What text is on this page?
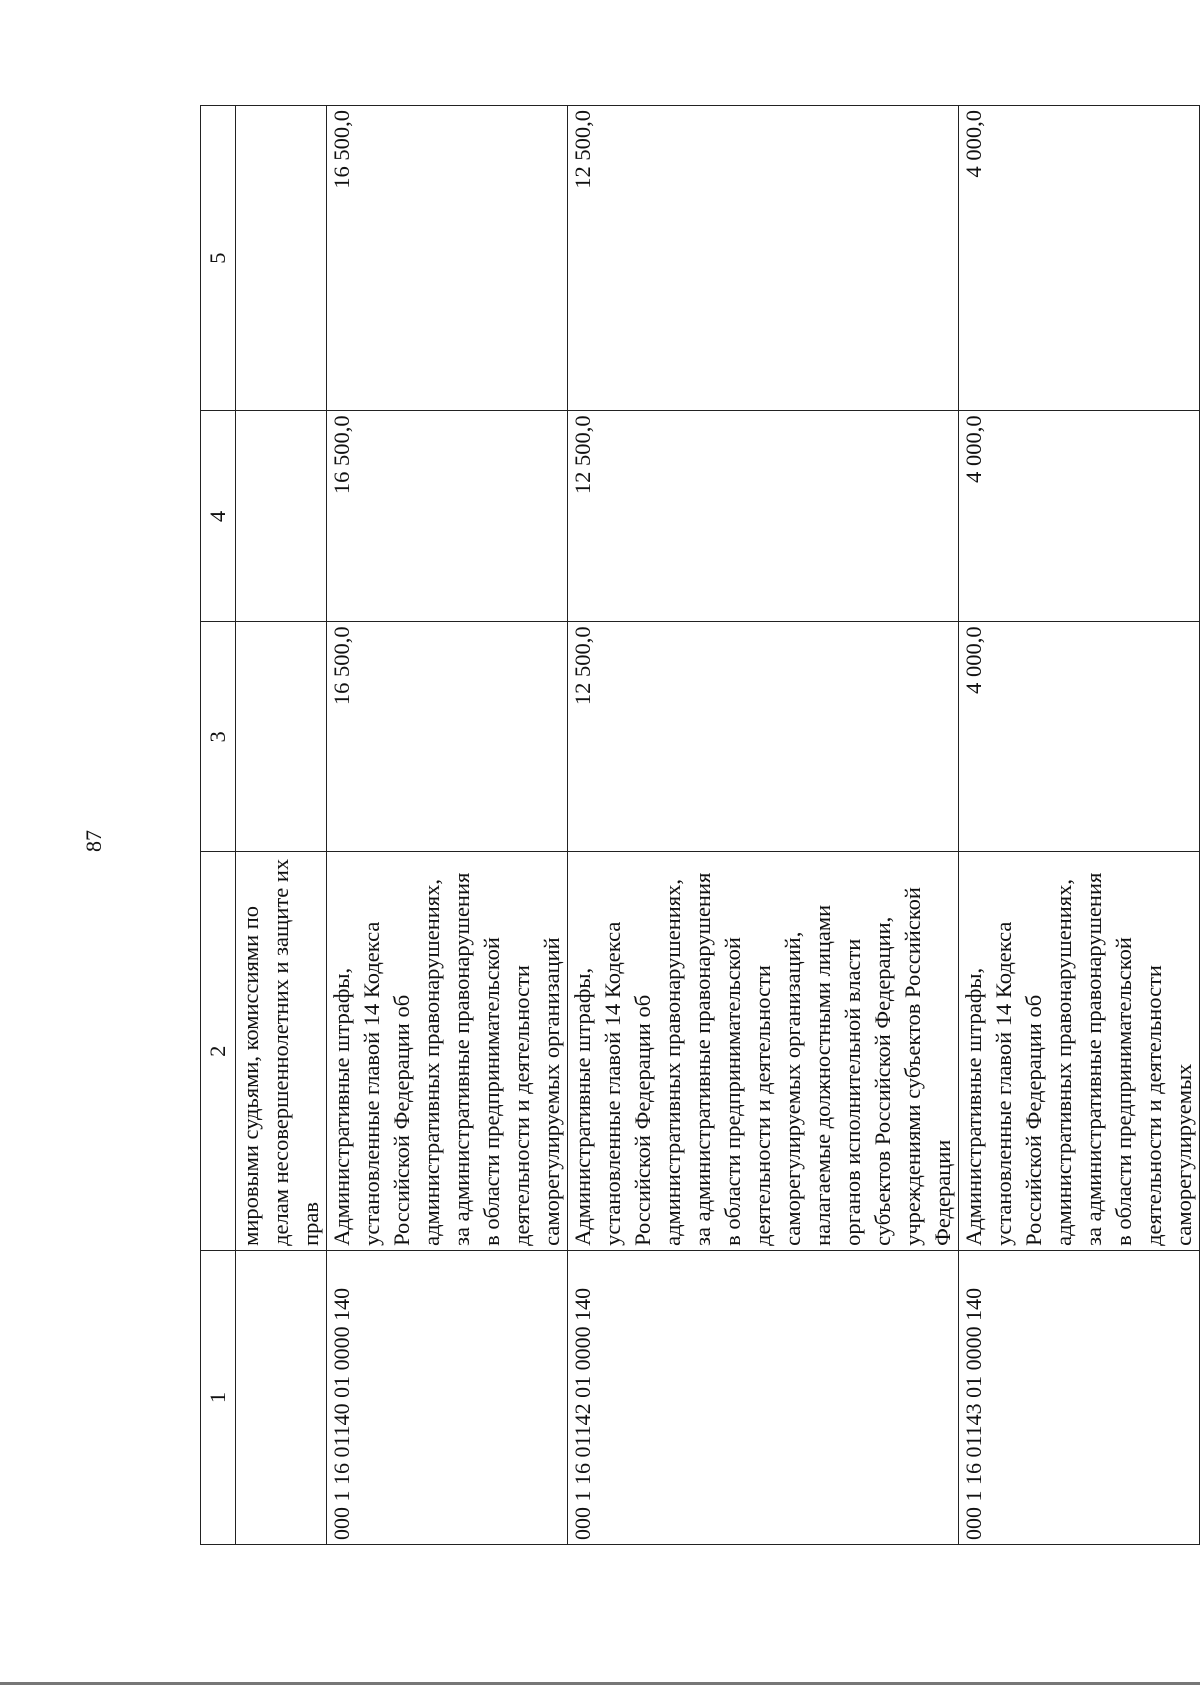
87
1	2	3	4	5
	мировыми судьями, комиссиями по делам несовершеннолетних и защите их прав			
000 1 16 01140 01 0000 140	Административные штрафы, установленные главой 14 Кодекса Российской Федерации об административных правонарушениях, за административные правонарушения в области предпринимательской деятельности и деятельности саморегулируемых организаций	16 500,0	16 500,0	16 500,0
000 1 16 01142 01 0000 140	Административные штрафы, установленные главой 14 Кодекса Российской Федерации об административных правонарушениях, за административные правонарушения в области предпринимательской деятельности и деятельности саморегулируемых организаций, налагаемые должностными лицами органов исполнительной власти субъектов Российской Федерации, учреждениями субъектов Российской Федерации	12 500,0	12 500,0	12 500,0
000 1 16 01143 01 0000 140	Административные штрафы, установленные главой 14 Кодекса Российской Федерации об административных правонарушениях, за административные правонарушения в области предпринимательской деятельности и деятельности саморегулируемых	4 000,0	4 000,0	4 000,0
